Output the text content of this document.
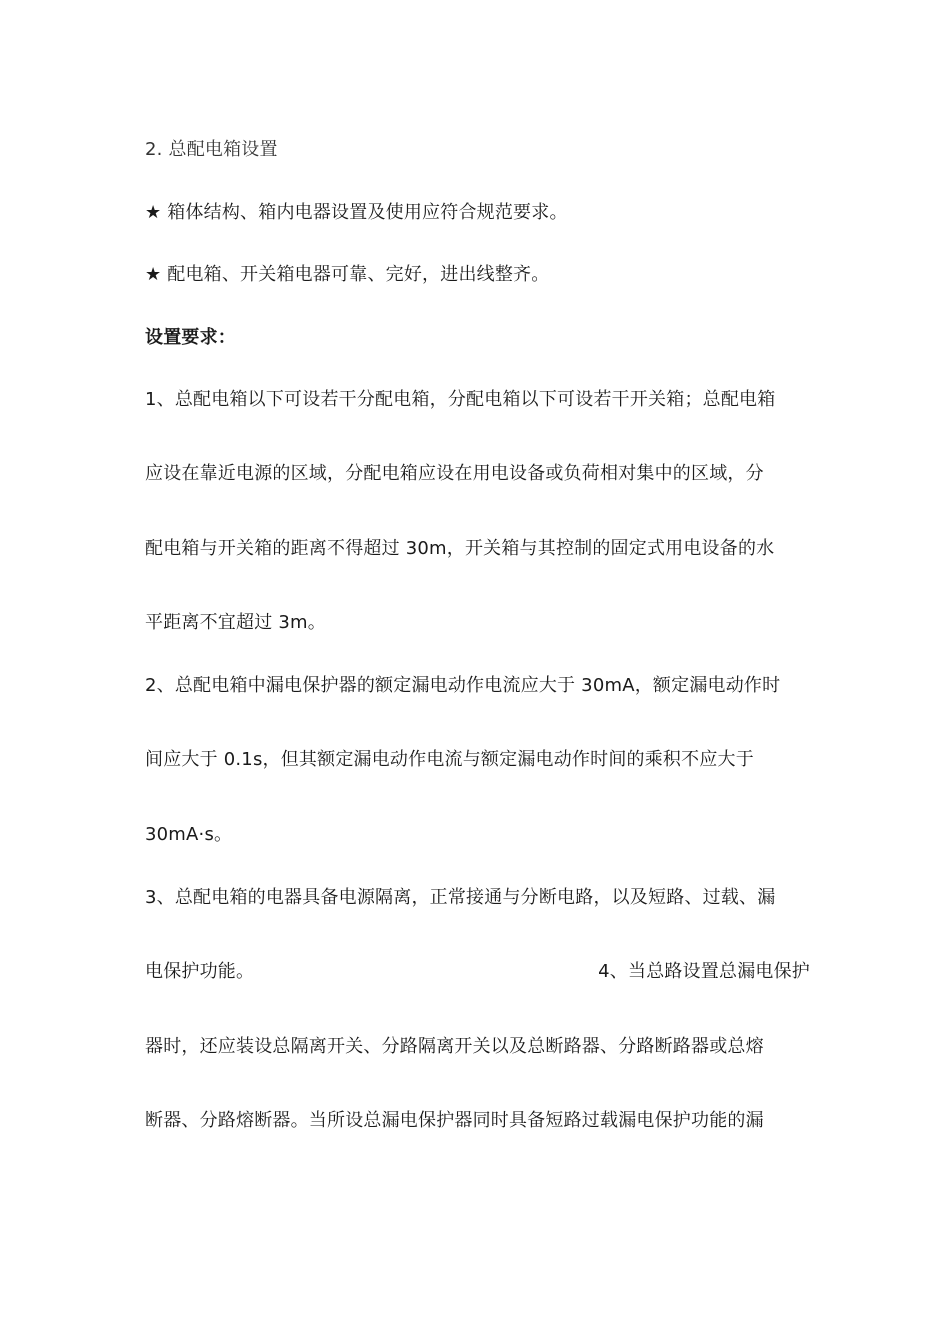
2. 总配电箱设置
★ 箱体结构、箱内电器设置及使用应符合规范要求。
★ 配电箱、开关箱电器可靠、完好，进出线整齐。
设置要求：
1、总配电箱以下可设若干分配电箱，分配电箱以下可设若干开关箱；总配电箱
应设在靠近电源的区域，分配电箱应设在用电设备或负荷相对集中的区域，分
配电箱与开关箱的距离不得超过 30m，开关箱与其控制的固定式用电设备的水
平距离不宜超过 3m。
2、总配电箱中漏电保护器的额定漏电动作电流应大于 30mA，额定漏电动作时
间应大于 0.1s，但其额定漏电动作电流与额定漏电动作时间的乘积不应大于
30mA·s。
3、总配电箱的电器具备电源隔离，正常接通与分断电路，以及短路、过载、漏
电保护功能。	4、当总路设置总漏电保护
器时，还应装设总隔离开关、分路隔离开关以及总断路器、分路断路器或总熔
断器、分路熔断器。当所设总漏电保护器同时具备短路过载漏电保护功能的漏
